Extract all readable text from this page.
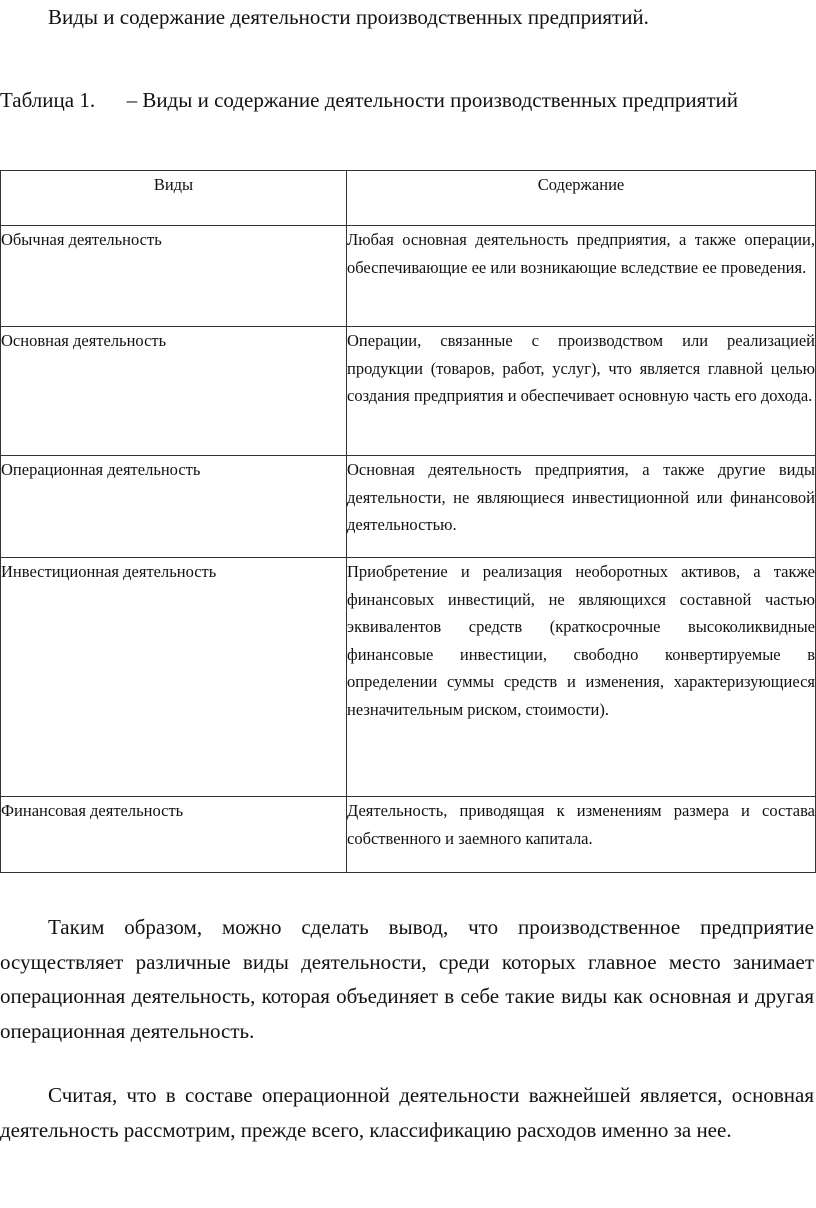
Виды и содержание деятельности производственных предприятий.

Таблица 1.      – Виды и содержание деятельности производственных предприятий

Виды	Содержание
Обычная деятельность	Любая основная деятельность предприятия, а также операции, обеспечивающие ее или возникающие вследствие ее проведения.
Основная деятельность	Операции, связанные с производством или реализацией продукции (товаров, работ, услуг), что является главной целью создания предприятия и обеспечивает основную часть его дохода.
Операционная деятельность	Основная деятельность предприятия, а также другие виды деятельности, не являющиеся инвестиционной или финансовой деятельностью.
Инвестиционная деятельность	Приобретение и реализация необоротных активов, а также финансовых инвестиций, не являющихся составной частью эквивалентов средств (краткосрочные высоколиквидные финансовые инвестиции, свободно конвертируемые в определении суммы средств и изменения, характеризующиеся незначительным риском, стоимости).
Финансовая деятельность	Деятельность, приводящая к изменениям размера и состава собственного и заемного капитала.

Таким образом, можно сделать вывод, что производственное предприятие осуществляет различные виды деятельности, среди которых главное место занимает операционная деятельность, которая объединяет в себе такие виды как основная и другая операционная деятельность.

Считая, что в составе операционной деятельности важнейшей является, основная деятельность рассмотрим, прежде всего, классификацию расходов именно за нее.
